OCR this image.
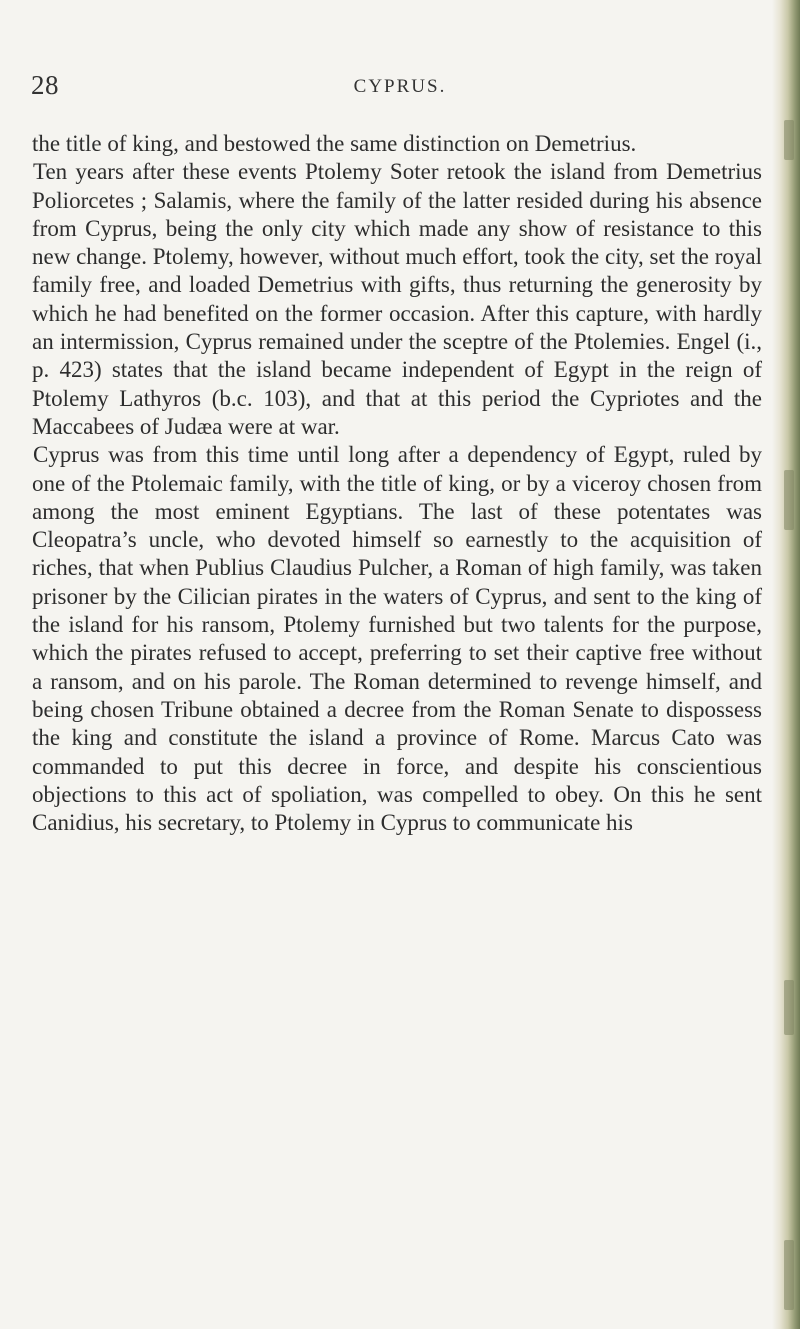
28	CYPRUS.

the title of king, and bestowed the same distinction on Demetrius.

Ten years after these events Ptolemy Soter retook the island from Demetrius Poliorcetes ; Salamis, where the family of the latter resided during his absence from Cyprus, being the only city which made any show of resistance to this new change. Ptolemy, however, without much effort, took the city, set the royal family free, and loaded Demetrius with gifts, thus returning the generosity by which he had benefited on the former occasion. After this capture, with hardly an intermission, Cyprus remained under the sceptre of the Ptolemies. Engel (i., p. 423) states that the island became independent of Egypt in the reign of Ptolemy Lathyros (b.c. 103), and that at this period the Cypriotes and the Maccabees of Judæa were at war.

Cyprus was from this time until long after a dependency of Egypt, ruled by one of the Ptolemaic family, with the title of king, or by a viceroy chosen from among the most eminent Egyptians. The last of these potentates was Cleopatra’s uncle, who devoted himself so earnestly to the acquisition of riches, that when Publius Claudius Pulcher, a Roman of high family, was taken prisoner by the Cilician pirates in the waters of Cyprus, and sent to the king of the island for his ransom, Ptolemy furnished but two talents for the purpose, which the pirates refused to accept, preferring to set their captive free without a ransom, and on his parole. The Roman determined to revenge himself, and being chosen Tribune obtained a decree from the Roman Senate to dispossess the king and constitute the island a province of Rome. Marcus Cato was commanded to put this decree in force, and despite his conscientious objections to this act of spoliation, was compelled to obey. On this he sent Canidius, his secretary, to Ptolemy in Cyprus to communicate his
